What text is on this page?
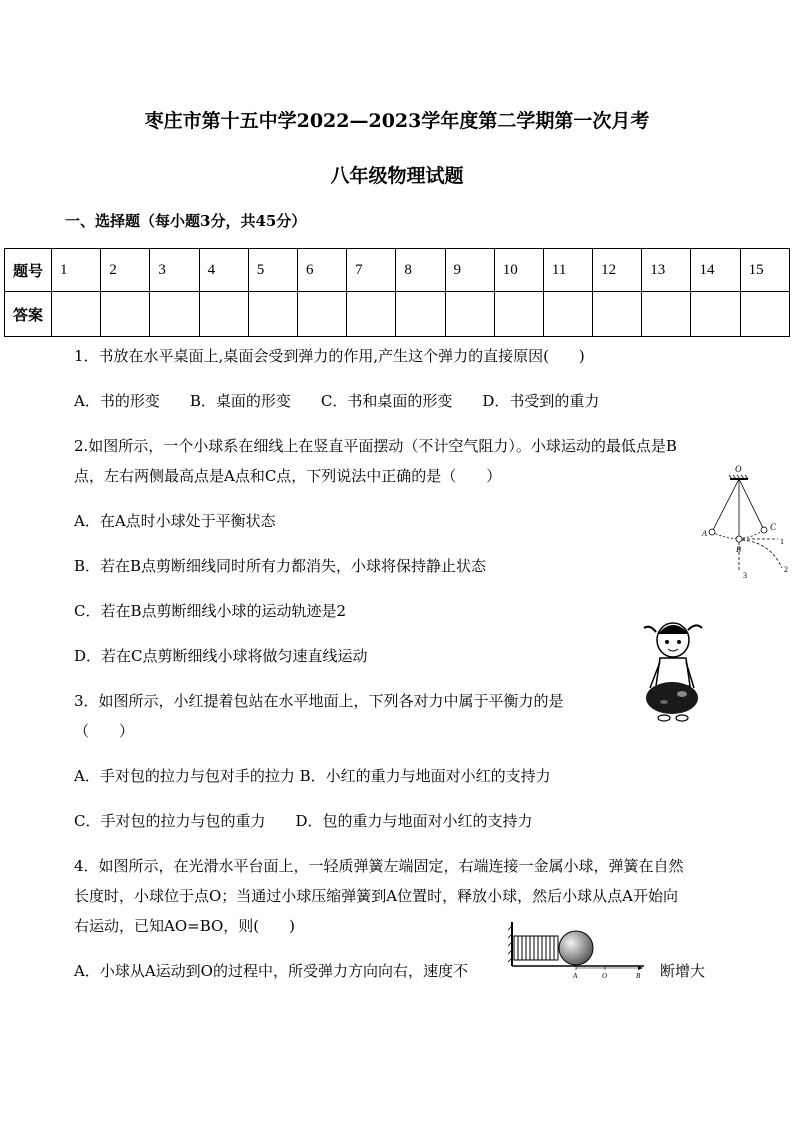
枣庄市第十五中学2022—2023学年度第二学期第一次月考
八年级物理试题
一、选择题（每小题3分，共45分）
题号	1	2	3	4	5	6	7	8	9	10	11	12	13	14	15
答案															
1．书放在水平桌面上,桌面会受到弹力的作用,产生这个弹力的直接原因(　　)
A．书的形变　　B．桌面的形变　　C．书和桌面的形变　　D．书受到的重力
2.如图所示，一个小球系在细线上在竖直平面摆动（不计空气阻力）。小球运动的最低点是B
点，左右两侧最高点是A点和C点，下列说法中正确的是（　　）
A．在A点时小球处于平衡状态
B．若在B点剪断细线同时所有力都消失，小球将保持静止状态
C．若在B点剪断细线小球的运动轨迹是2
D．若在C点剪断细线小球将做匀速直线运动
O
A
B
C
1
2
3
3．如图所示，小红提着包站在水平地面上，下列各对力中属于平衡力的是
（　　）
A．手对包的拉力与包对手的拉力 B．小红的重力与地面对小红的支持力
C．手对包的拉力与包的重力　　D．包的重力与地面对小红的支持力
4．如图所示，在光滑水平台面上，一轻质弹簧左端固定，右端连接一金属小球，弹簧在自然
长度时，小球位于点O；当通过小球压缩弹簧到A位置时，释放小球，然后小球从点A开始向
右运动，已知AO=BO，则(　　)
A．小球从A运动到O的过程中，所受弹力方向向右，速度不	断增大
A	O	B
